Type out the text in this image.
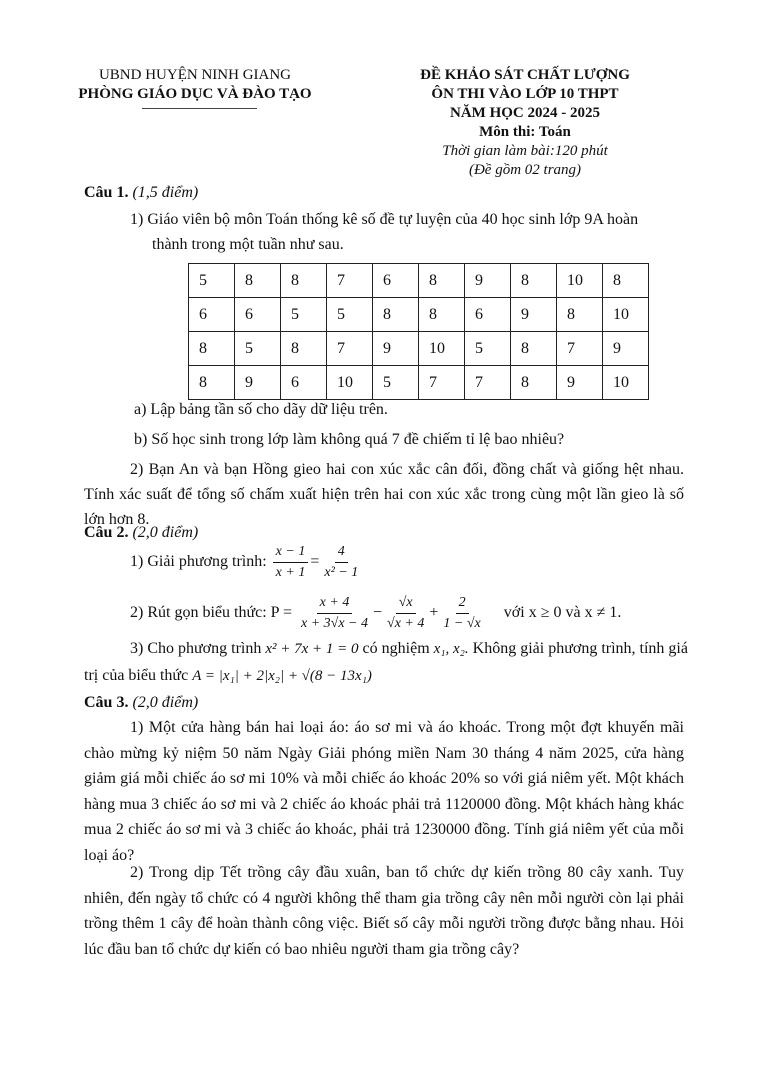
UBND HUYỆN NINH GIANG
PHÒNG GIÁO DỤC VÀ ĐÀO TẠO
ĐỀ KHẢO SÁT CHẤT LƯỢNG
ÔN THI VÀO LỚP 10 THPT
NĂM HỌC 2024 - 2025
Môn thi: Toán
Thời gian làm bài:120 phút
(Đề gồm 02 trang)
Câu 1. (1,5 điểm)
1) Giáo viên bộ môn Toán thống kê số đề tự luyện của 40 học sinh lớp 9A hoàn
thành trong một tuần như sau.
5	8	8	7	6	8	9	8	10	8
6	6	5	5	8	8	6	9	8	10
8	5	8	7	9	10	5	8	7	9
8	9	6	10	5	7	7	8	9	10
a) Lập bảng tần số cho dãy dữ liệu trên.
b) Số học sinh trong lớp làm không quá 7 đề chiếm tỉ lệ bao nhiêu?
2) Bạn An và bạn Hồng gieo hai con xúc xắc cân đối, đồng chất và giống hệt nhau. Tính xác suất để tổng số chấm xuất hiện trên hai con xúc xắc trong cùng một lần gieo là số lớn hơn 8.
Câu 2. (2,0 điểm)
1) Giải phương trình: $\frac{x - 1}{x + 1} = \frac{4}{\text{x² − 1}}$
2) Rút gọn biểu thức: $P = \frac{x + 4}{x + 3√x - 4} - \frac{√x}{√x + 4} + \frac{2}{1 - √x}$ với x ≥ 0 và x ≠ 1.
3) Cho phương trình x² + 7x + 1 = 0 có nghiệm x₁, x₂. Không giải phương trình, tính giá
trị của biểu thức A = |x₁| + 2|x₂| + √(8 − 13x₁)
Câu 3. (2,0 điểm)
1) Một cửa hàng bán hai loại áo: áo sơ mi và áo khoác. Trong một đợt khuyến mãi chào mừng kỷ niệm 50 năm Ngày Giải phóng miền Nam 30 tháng 4 năm 2025, cửa hàng giảm giá mỗi chiếc áo sơ mi 10% và mỗi chiếc áo khoác 20% so với giá niêm yết. Một khách hàng mua 3 chiếc áo sơ mi và 2 chiếc áo khoác phải trả 1120000 đồng. Một khách hàng khác mua 2 chiếc áo sơ mi và 3 chiếc áo khoác, phải trả 1230000 đồng. Tính giá niêm yết của mỗi loại áo?
2) Trong dịp Tết trồng cây đầu xuân, ban tổ chức dự kiến trồng 80 cây xanh. Tuy nhiên, đến ngày tổ chức có 4 người không thể tham gia trồng cây nên mỗi người còn lại phải trồng thêm 1 cây để hoàn thành công việc. Biết số cây mỗi người trồng được bằng nhau. Hỏi lúc đầu ban tổ chức dự kiến có bao nhiêu người tham gia trồng cây?
